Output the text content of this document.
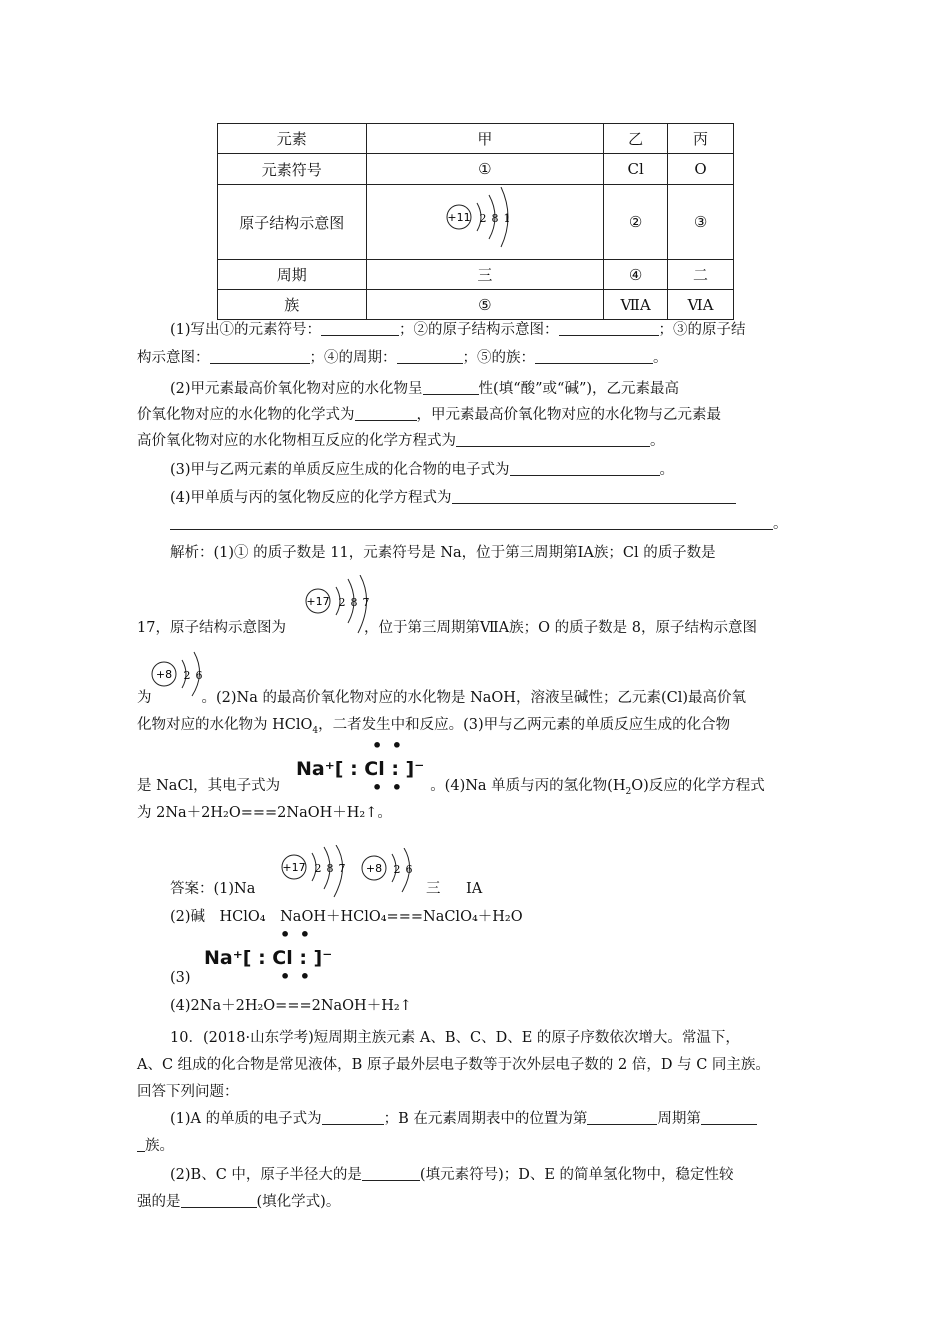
元素	甲	乙	丙
元素符号	①	Cl	O
原子结构示意图	+11 2 8 1	②	③
周期	三	④	二
族	⑤	ⅦA	ⅥA
(1)写出①的元素符号：	；②的原子结构示意图：	；③的原子结
构示意图：	；④的周期：	；⑤的族：	。
(2)甲元素最高价氧化物对应的水化物呈	性(填“酸”或“碱”)，乙元素最高
价氧化物对应的水化物的化学式为	，甲元素最高价氧化物对应的水化物与乙元素最
高价氧化物对应的水化物相互反应的化学方程式为	。
(3)甲与乙两元素的单质反应生成的化合物的电子式为	。
(4)甲单质与丙的氢化物反应的化学方程式为
。
解析：(1)① 的质子数是 11，元素符号是 Na，位于第三周期第ⅠA族；Cl 的质子数是
+17 2 8 7
17，原子结构示意图为	，位于第三周期第ⅦA族；O 的质子数是 8，原子结构示意图
+8 2 6
为	。(2)Na 的最高价氧化物对应的水化物是 NaOH，溶液呈碱性；乙元素(Cl)最高价氧
化物对应的水化物为 HClO$_4$，二者发生中和反应。(3)甲与乙两元素的单质反应生成的化合物
Na⁺[ : Cl : ]⁻
• •
• •
是 NaCl，其电子式为	。(4)Na 单质与丙的氢化物$(H_2O)$反应的化学方程式
为 2Na＋2H₂O===2NaOH＋H₂↑。
+17 2 8 7 +8 2 6
答案：(1)Na	三 ⅠA
(2)碱　HClO₄　NaOH＋HClO₄===NaClO₄＋H₂O
Na⁺[ : Cl : ]⁻
• •
• •
(3)
(4)2Na＋2H₂O===2NaOH＋H₂↑
10．(2018·山东学考)短周期主族元素 A、B、C、D、E 的原子序数依次增大。常温下，
A、C 组成的化合物是常见液体，B 原子最外层电子数等于次外层电子数的 2 倍，D 与 C 同主族。
回答下列问题：
(1)A 的单质的电子式为	；B 在元素周期表中的位置为第	周期第
族。
(2)B、C 中，原子半径大的是	(填元素符号)；D、E 的简单氢化物中，稳定性较
强的是	(填化学式)。
